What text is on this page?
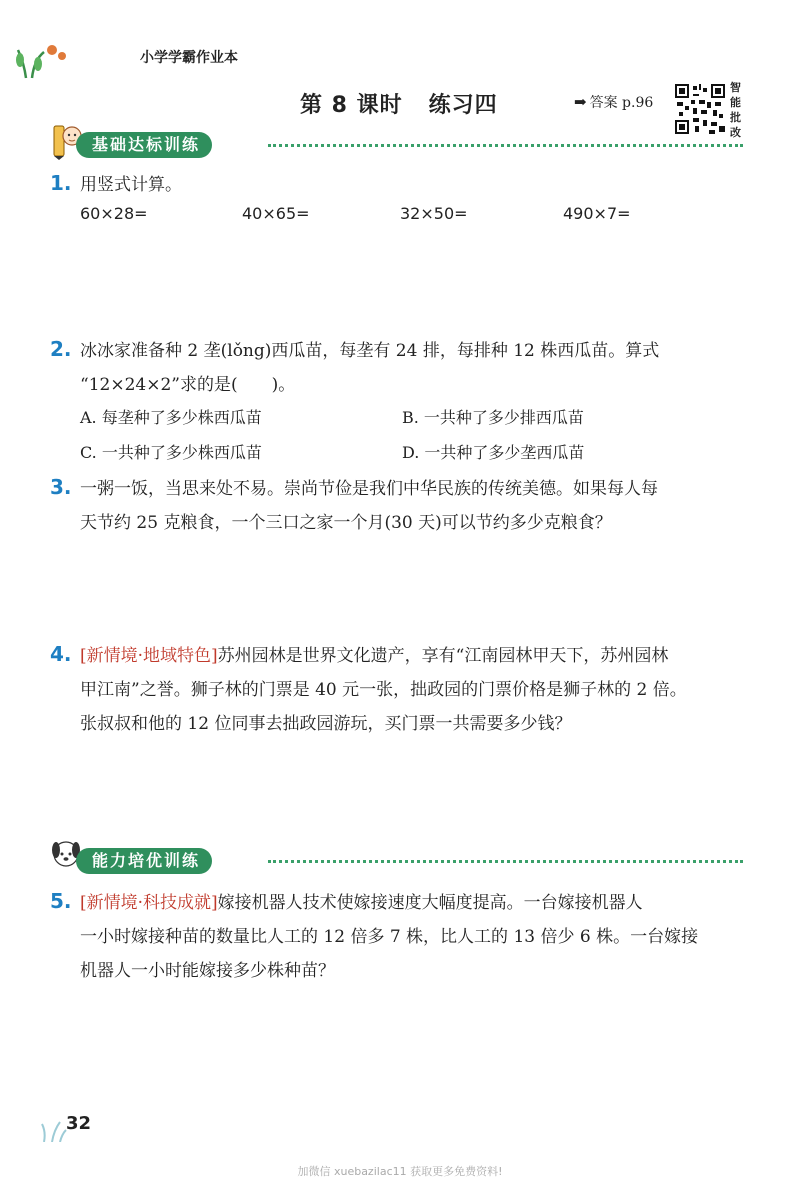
小学学霸作业本
第 8 课时 练习四	➡ 答案 p.96
智
能
批
改
基础达标训练
1. 用竖式计算。
60×28=	40×65=	32×50=	490×7=
2. 冰冰家准备种 2 垄(lǒng)西瓜苗，每垄有 24 排，每排种 12 株西瓜苗。算式
“12×24×2”求的是( )。
A. 每垄种了多少株西瓜苗	B. 一共种了多少排西瓜苗
C. 一共种了多少株西瓜苗	D. 一共种了多少垄西瓜苗
3. 一粥一饭，当思来处不易。崇尚节俭是我们中华民族的传统美德。如果每人每
天节约 25 克粮食，一个三口之家一个月(30 天)可以节约多少克粮食？
4. [新情境·地域特色]苏州园林是世界文化遗产，享有“江南园林甲天下，苏州园林
甲江南”之誉。狮子林的门票是 40 元一张，拙政园的门票价格是狮子林的 2 倍。
张叔叔和他的 12 位同事去拙政园游玩，买门票一共需要多少钱？
能力培优训练
5. [新情境·科技成就]嫁接机器人技术使嫁接速度大幅度提高。一台嫁接机器人
一小时嫁接种苗的数量比人工的 12 倍多 7 株，比人工的 13 倍少 6 株。一台嫁接
机器人一小时能嫁接多少株种苗？
32
加微信 xuebazilac11 获取更多免费资料!
